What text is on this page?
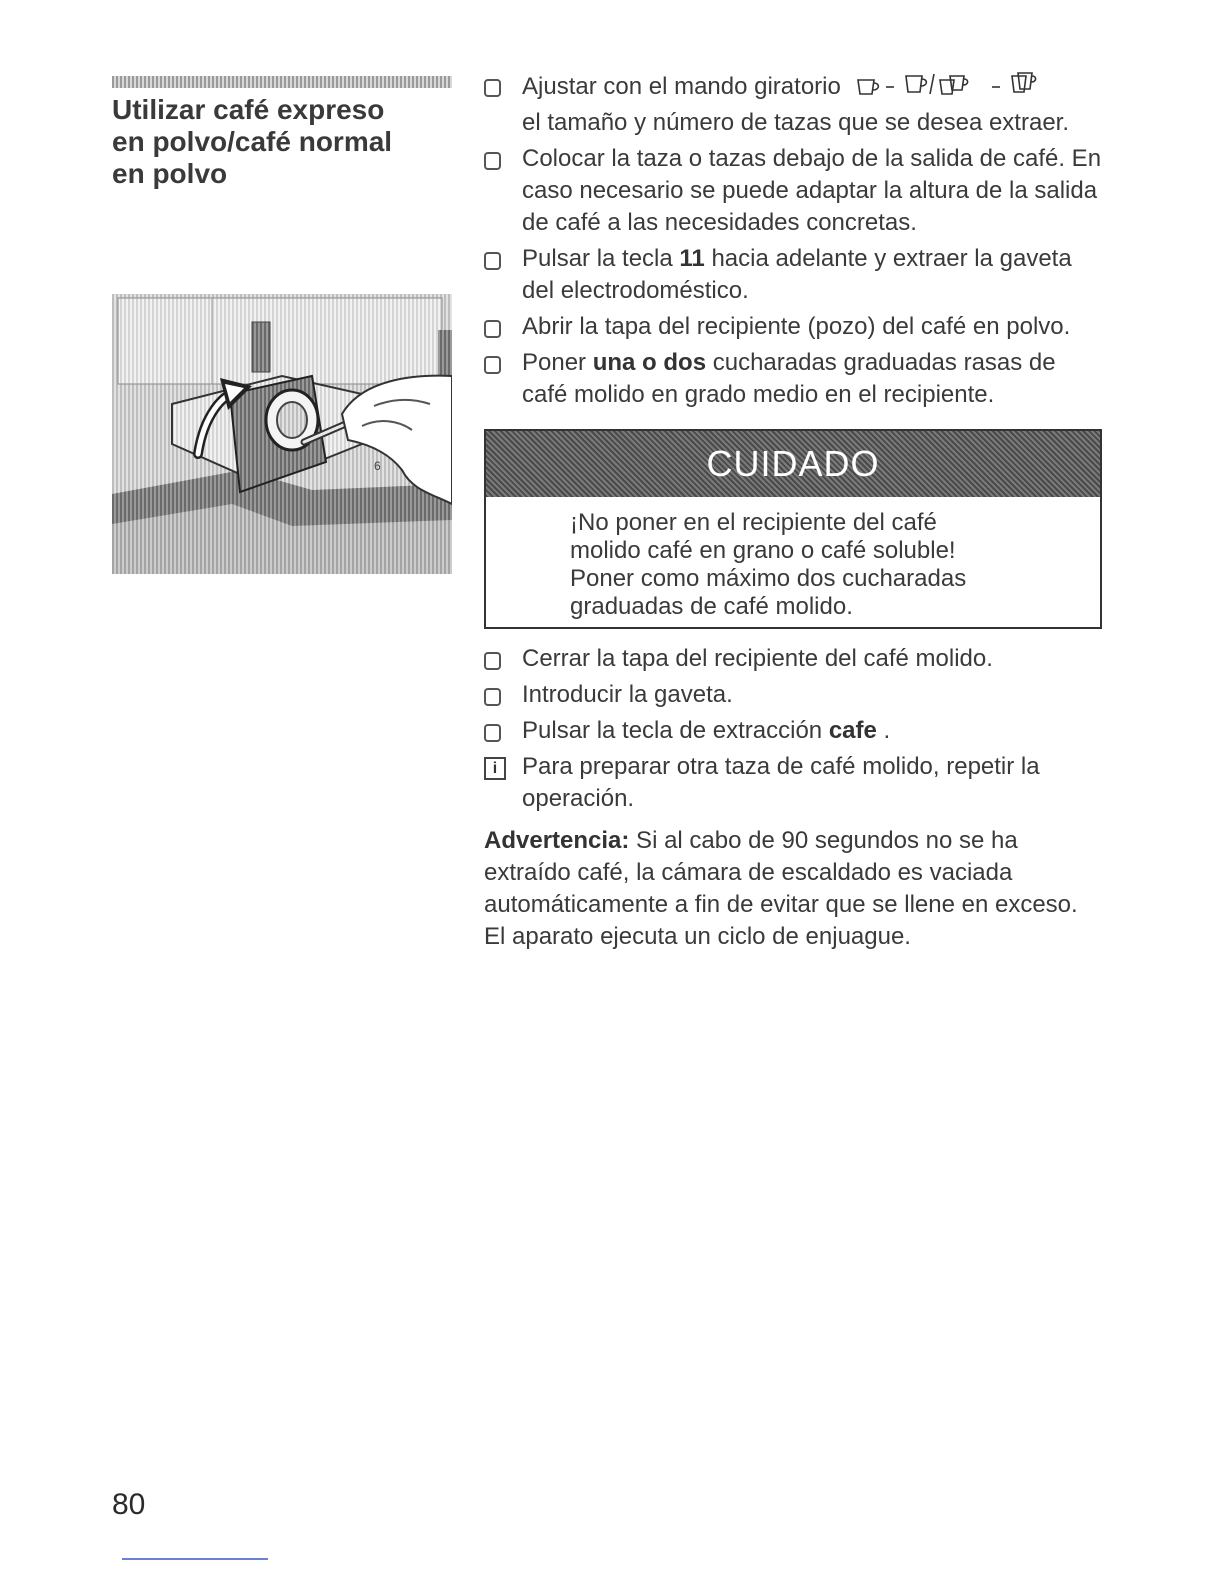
Utilizar café expreso
en polvo/café normal
en polvo
6
Ajustar con el mando giratorio
el tamaño y número de tazas que se desea extraer.
Colocar la taza o tazas debajo de la salida de café. En caso necesario se puede adaptar la altura de la salida de café a las necesidades concretas.
Pulsar la tecla 11 hacia adelante y extraer la gaveta del electrodoméstico.
Abrir la tapa del recipiente (pozo) del café en polvo.
Poner una o dos cucharadas graduadas rasas de café molido en grado medio en el recipiente.
CUIDADO

¡No poner en el recipiente del café

molido café en grano o café soluble!

Poner como máximo dos cucharadas

graduadas de café molido.

Cerrar la tapa del recipiente del café molido.
Introducir la gaveta.
Pulsar la tecla de extracción cafe .
i	Para preparar otra taza de café molido, repetir la operación.
Advertencia: Si al cabo de 90 segundos no se ha extraído café, la cámara de escaldado es vaciada automáticamente a fin de evitar que se llene en exceso. El aparato ejecuta un ciclo de enjuague.
80
